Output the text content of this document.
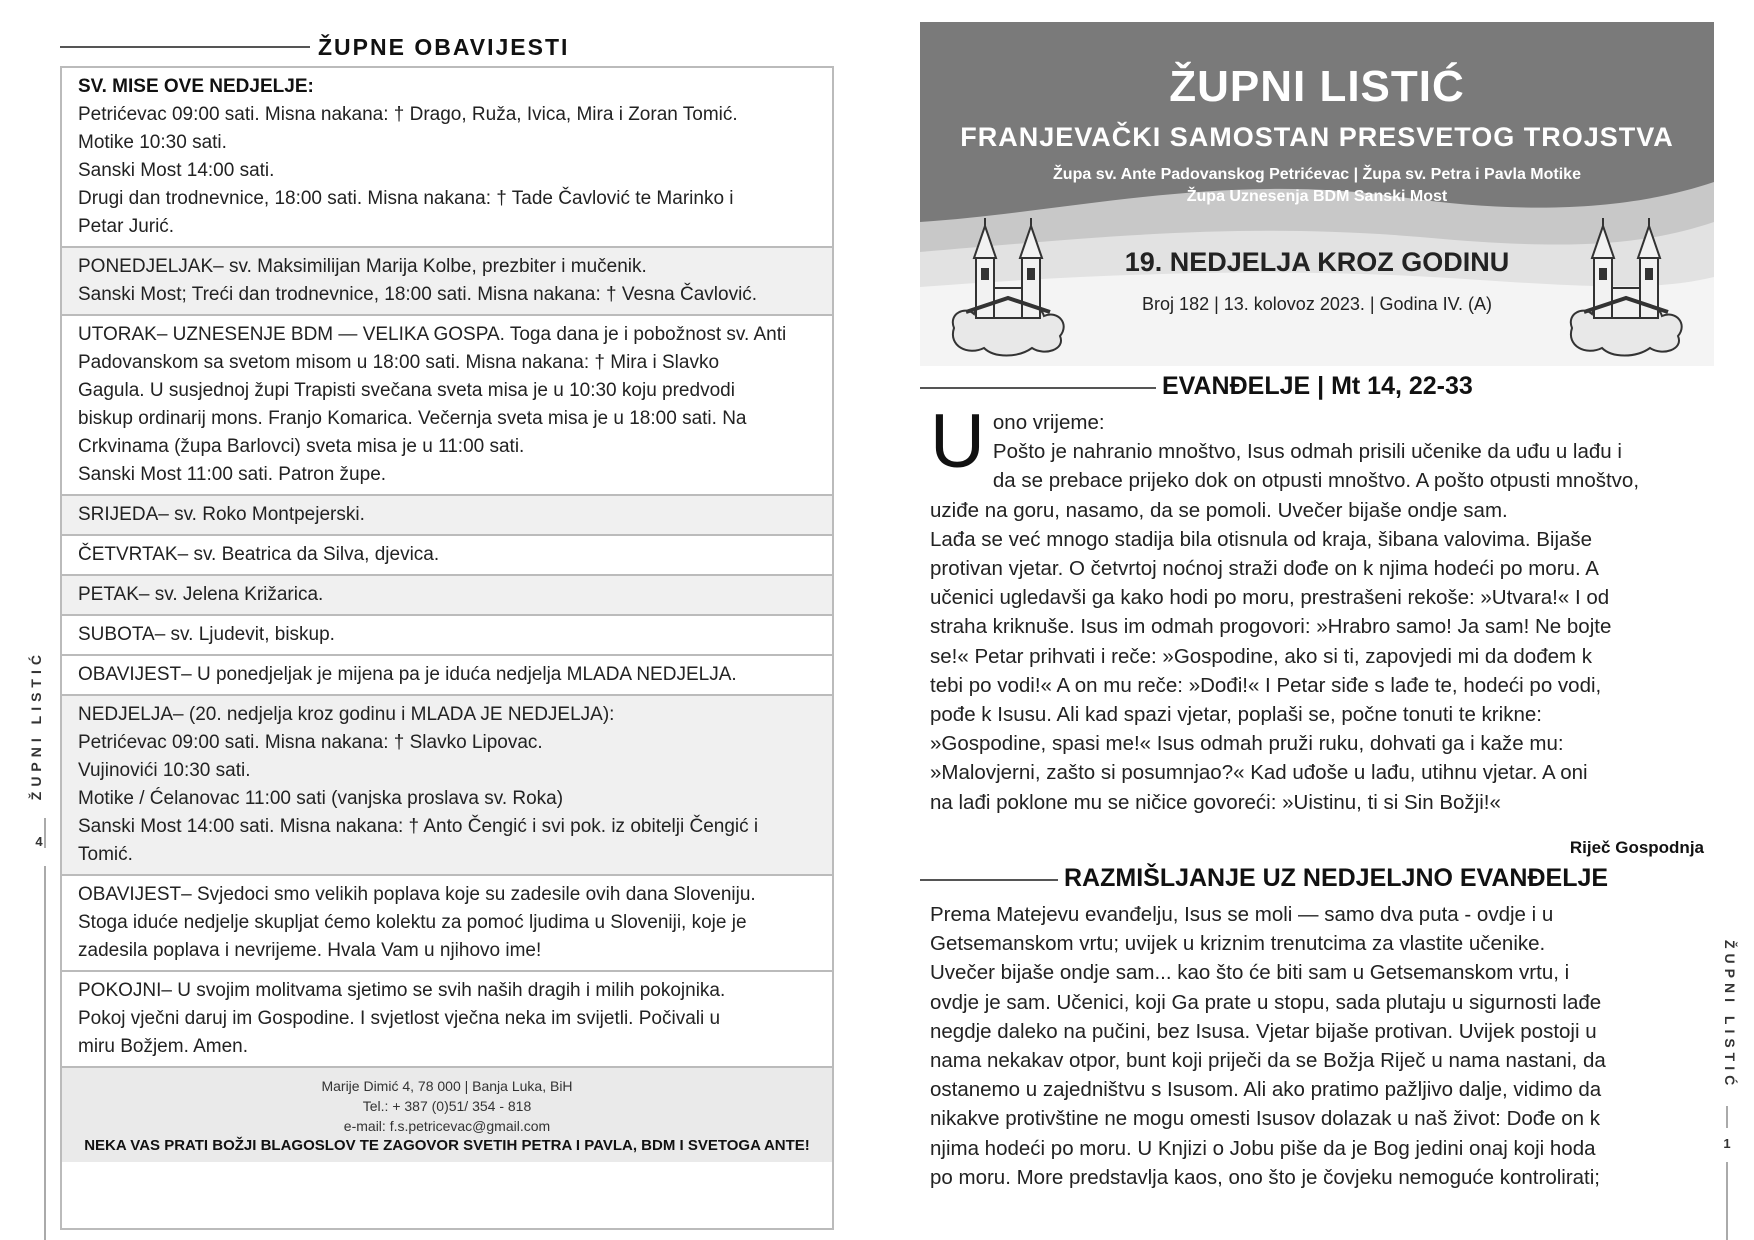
ŽUPNE OBAVIJESTI
SV. MISE OVE NEDJELJE:
Petrićevac 09:00 sati. Misna nakana: † Drago, Ruža, Ivica, Mira i Zoran Tomić.
Motike 10:30 sati.
Sanski Most 14:00 sati.
Drugi dan trodnevnice, 18:00 sati. Misna nakana: † Tade Čavlović te Marinko i
Petar Jurić.
PONEDJELJAK– sv. Maksimilijan Marija Kolbe, prezbiter i mučenik.
Sanski Most; Treći dan trodnevnice, 18:00 sati. Misna nakana: † Vesna Čavlović.
UTORAK– UZNESENJE BDM — VELIKA GOSPA. Toga dana je i pobožnost sv. Anti
Padovanskom sa svetom misom u 18:00 sati. Misna nakana: † Mira i Slavko
Gagula. U susjednoj župi Trapisti svečana sveta misa je u 10:30 koju predvodi
biskup ordinarij mons. Franjo Komarica. Večernja sveta misa je u 18:00 sati. Na
Crkvinama (župa Barlovci) sveta misa je u 11:00 sati.
Sanski Most 11:00 sati. Patron župe.
SRIJEDA– sv. Roko Montpejerski.
ČETVRTAK– sv. Beatrica da Silva, djevica.
PETAK– sv. Jelena Križarica.
SUBOTA– sv. Ljudevit, biskup.
OBAVIJEST– U ponedjeljak je mijena pa je iduća nedjelja MLADA NEDJELJA.
NEDJELJA– (20. nedjelja kroz godinu i MLADA JE NEDJELJA):
Petrićevac 09:00 sati. Misna nakana: † Slavko Lipovac.
Vujinovići 10:30 sati.
Motike / Ćelanovac 11:00 sati (vanjska proslava sv. Roka)
Sanski Most 14:00 sati. Misna nakana: † Anto Čengić i svi pok. iz obitelji Čengić i
Tomić.
OBAVIJEST– Svjedoci smo velikih poplava koje su zadesile ovih dana Sloveniju.
Stoga iduće nedjelje skupljat ćemo kolektu za pomoć ljudima u Sloveniji, koje je
zadesila poplava i nevrijeme. Hvala Vam u njihovo ime!
POKOJNI– U svojim molitvama sjetimo se svih naših dragih i milih pokojnika.
Pokoj vječni daruj im Gospodine. I svjetlost vječna neka im svijetli. Počivali u
miru Božjem. Amen.
Marije Dimić 4, 78 000 | Banja Luka, BiH
Tel.: + 387 (0)51/ 354 - 818
e-mail: f.s.petricevac@gmail.com
NEKA VAS PRATI BOŽJI BLAGOSLOV TE ZAGOVOR SVETIH PETRA I PAVLA, BDM I SVETOGA ANTE!
ŽUPNI LISTIĆ
4
ŽUPNI LISTIĆ
FRANJEVAČKI SAMOSTAN PRESVETOG TROJSTVA
Župa sv. Ante Padovanskog Petrićevac | Župa sv. Petra i Pavla Motike
Župa Uznesenja BDM Sanski Most
19. NEDJELJA KROZ GODINU
Broj 182 | 13. kolovoz 2023. | Godina IV. (A)
EVANĐELJE | Mt 14, 22-33
U ono vrijeme:
Pošto je nahranio mnoštvo, Isus odmah prisili učenike da uđu u lađu i
da se prebace prijeko dok on otpusti mnoštvo. A pošto otpusti mnoštvo,
uziđe na goru, nasamo, da se pomoli. Uvečer bijaše ondje sam.
Lađa se već mnogo stadija bila otisnula od kraja, šibana valovima. Bijaše
protivan vjetar. O četvrtoj noćnoj straži dođe on k njima hodeći po moru. A
učenici ugledavši ga kako hodi po moru, prestrašeni rekoše: »Utvara!« I od
straha kriknuše. Isus im odmah progovori: »Hrabro samo! Ja sam! Ne bojte
se!« Petar prihvati i reče: »Gospodine, ako si ti, zapovjedi mi da dođem k
tebi po vodi!« A on mu reče: »Dođi!« I Petar siđe s lađe te, hodeći po vodi,
pođe k Isusu. Ali kad spazi vjetar, poplaši se, počne tonuti te krikne:
»Gospodine, spasi me!« Isus odmah pruži ruku, dohvati ga i kaže mu:
»Malovjerni, zašto si posumnjao?« Kad uđoše u lađu, utihnu vjetar. A oni
na lađi poklone mu se ničice govoreći: »Uistinu, ti si Sin Božji!«
Riječ Gospodnja
RAZMIŠLJANJE UZ NEDJELJNO EVANĐELJE
Prema Matejevu evanđelju, Isus se moli — samo dva puta - ovdje i u
Getsemanskom vrtu; uvijek u kriznim trenutcima za vlastite učenike.
Uvečer bijaše ondje sam... kao što će biti sam u Getsemanskom vrtu, i
ovdje je sam. Učenici, koji Ga prate u stopu, sada plutaju u sigurnosti lađe
negdje daleko na pučini, bez Isusa. Vjetar bijaše protivan. Uvijek postoji u
nama nekakav otpor, bunt koji priječi da se Božja Riječ u nama nastani, da
ostanemo u zajedništvu s Isusom. Ali ako pratimo pažljivo dalje, vidimo da
nikakve protivštine ne mogu omesti Isusov dolazak u naš život: Dođe on k
njima hodeći po moru. U Knjizi o Jobu piše da je Bog jedini onaj koji hoda
po moru. More predstavlja kaos, ono što je čovjeku nemoguće kontrolirati;
ŽUPNI LISTIĆ
1
